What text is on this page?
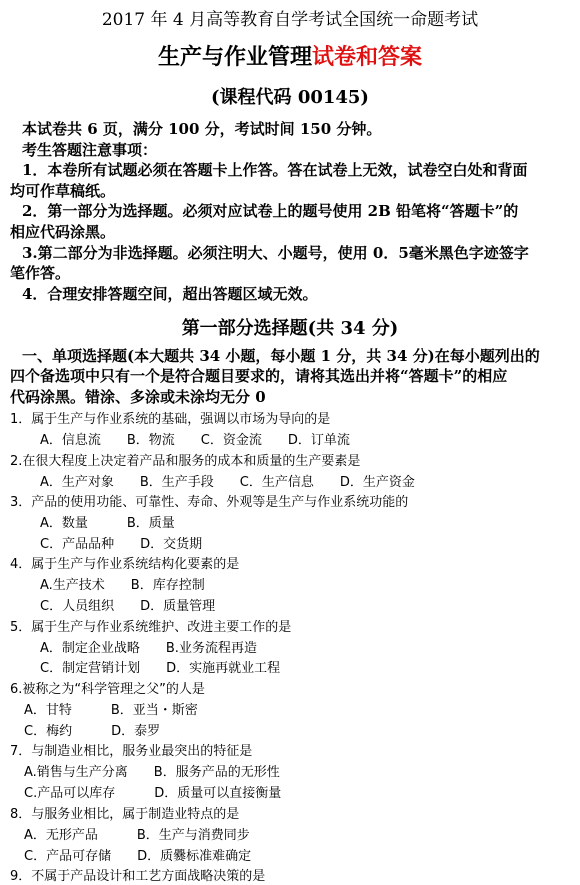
2017 年 4 月高等教育自学考试全国统一命题考试
生产与作业管理试卷和答案
(课程代码 00145)
本试卷共 6 页，满分 100 分，考试时间 150 分钟。
考生答题注意事项：
1．本卷所有试题必须在答题卡上作答。答在试卷上无效，试卷空白处和背面
均可作草稿纸。
2．第一部分为选择题。必须对应试卷上的题号使用 2B 铅笔将“答题卡”的
相应代码涂黑。
3.第二部分为非选择题。必须注明大、小题号，使用 0．5毫米黑色字迹签字
笔作答。
4．合理安排答题空间，超出答题区域无效。
第一部分选择题(共 34 分)
一、单项选择题(本大题共 34 小题，每小题 1 分，共 34 分)在每小题列出的
四个备选项中只有一个是符合题目要求的，请将其选出并将“答题卡”的相应
代码涂黑。错涂、多涂或未涂均无分 0
1．属于生产与作业系统的基础，强调以市场为导向的是
A．信息流　　B．物流　　C．资金流　　D．订单流
2.在很大程度上决定着产品和服务的成本和质量的生产要素是
A．生产对象　　B．生产手段　　C．生产信息　　D．生产资金
3．产品的使用功能、可靠性、寿命、外观等是生产与作业系统功能的
A．数量　　　B．质量
C．产品品种　　D．交货期
4．属于生产与作业系统结构化要素的是
A.生产技术　　B．库存控制
C．人员组织　　D．质量管理
5．属于生产与作业系统维护、改进主要工作的是
A．制定企业战略　　B.业务流程再造
C．制定营销计划　　D．实施再就业工程
6.被称之为“科学管理之父”的人是
A．甘特　　　B．亚当・斯密
C．梅约　　　D．泰罗
7．与制造业相比，服务业最突出的特征是
A.销售与生产分离　　B．服务产品的无形性
C.产品可以库存　　　D．质量可以直接衡量
8．与服务业相比，属于制造业特点的是
A．无形产品　　　B．生产与消费同步
C．产品可存储　　D．质爨标准难确定
9．不属于产品设计和工艺方面战略决策的是
